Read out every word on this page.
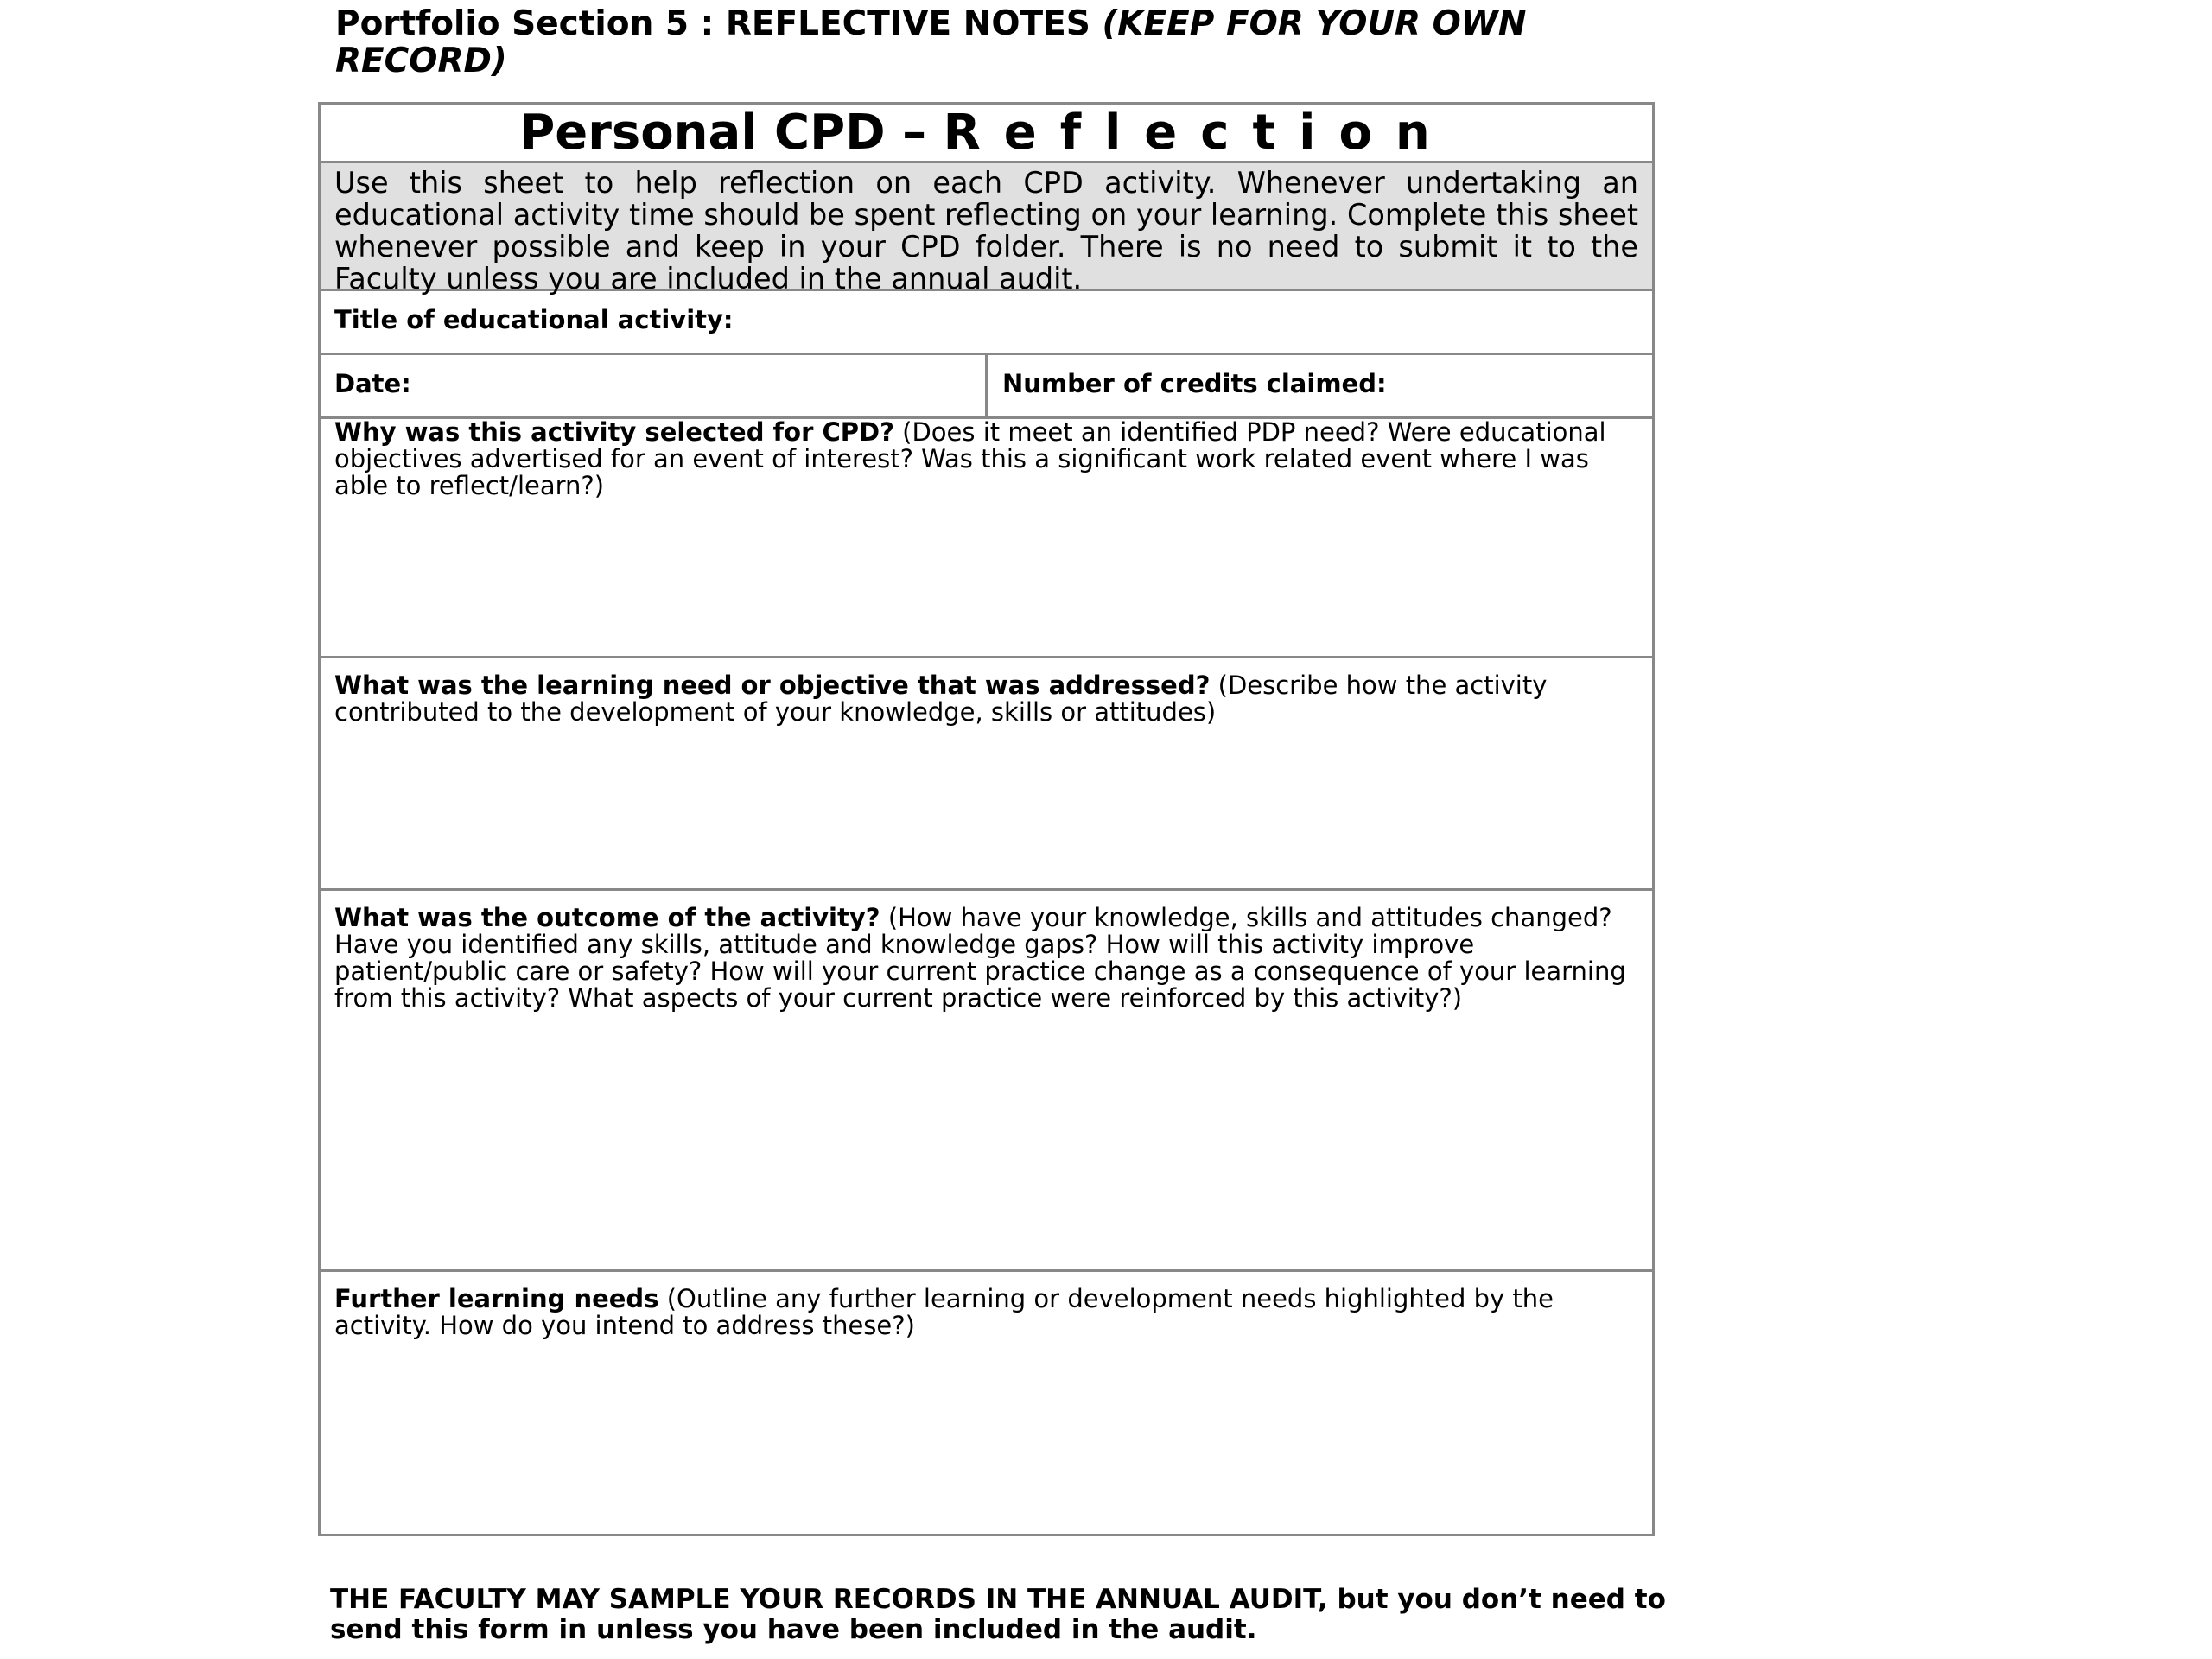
Portfolio Section 5 : REFLECTIVE NOTES (KEEP FOR YOUR OWN RECORD)
Personal CPD – Reflection
Use this sheet to help reflection on each CPD activity. Whenever undertaking an educational activity time should be spent reflecting on your learning. Complete this sheet whenever possible and keep in your CPD folder. There is no need to submit it to the Faculty unless you are included in the annual audit.
Title of educational activity:
Date:	Number of credits claimed:
Why was this activity selected for CPD? (Does it meet an identified PDP need? Were educational objectives advertised for an event of interest? Was this a significant work related event where I was able to reflect/learn?)
What was the learning need or objective that was addressed? (Describe how the activity contributed to the development of your knowledge, skills or attitudes)
What was the outcome of the activity? (How have your knowledge, skills and attitudes changed? Have you identified any skills, attitude and knowledge gaps? How will this activity improve patient/public care or safety? How will your current practice change as a consequence of your learning from this activity? What aspects of your current practice were reinforced by this activity?)
Further learning needs (Outline any further learning or development needs highlighted by the activity. How do you intend to address these?)
THE FACULTY MAY SAMPLE YOUR RECORDS IN THE ANNUAL AUDIT, but you don’t need to send this form in unless you have been included in the audit.
